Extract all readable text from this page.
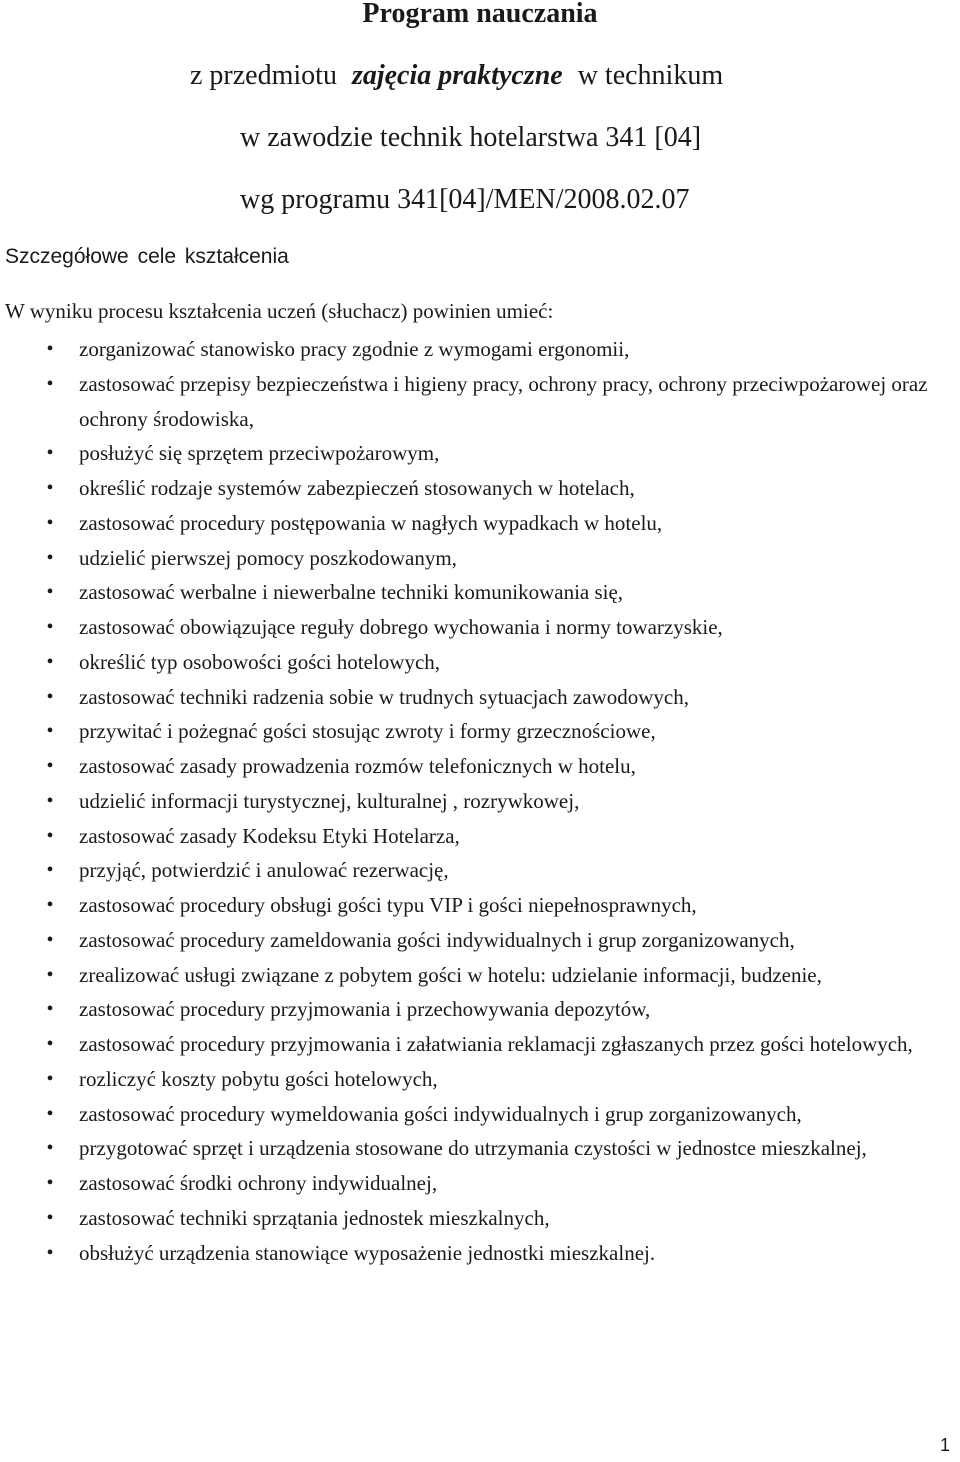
Program nauczania
z przedmiotu zajęcia praktyczne w technikum
w zawodzie technik hotelarstwa 341 [04]
wg programu 341[04]/MEN/2008.02.07
Szczegółowe cele kształcenia
W wyniku procesu kształcenia uczeń (słuchacz) powinien umieć:
•	zorganizować stanowisko pracy zgodnie z wymogami ergonomii,
•	zastosować przepisy bezpieczeństwa i higieny pracy, ochrony pracy, ochrony przeciwpożarowej oraz ochrony środowiska,
•	posłużyć się sprzętem przeciwpożarowym,
•	określić rodzaje systemów zabezpieczeń stosowanych w hotelach,
•	zastosować procedury postępowania w nagłych wypadkach w hotelu,
•	udzielić pierwszej pomocy poszkodowanym,
•	zastosować werbalne i niewerbalne techniki komunikowania się,
•	zastosować obowiązujące reguły dobrego wychowania i normy towarzyskie,
•	określić typ osobowości gości hotelowych,
•	zastosować techniki radzenia sobie w trudnych sytuacjach zawodowych,
•	przywitać i pożegnać gości stosując zwroty i formy grzecznościowe,
•	zastosować zasady prowadzenia rozmów telefonicznych w hotelu,
•	udzielić informacji turystycznej, kulturalnej , rozrywkowej,
•	zastosować zasady Kodeksu Etyki Hotelarza,
•	przyjąć, potwierdzić i anulować rezerwację,
•	zastosować procedury obsługi gości typu VIP i gości niepełnosprawnych,
•	zastosować procedury zameldowania gości indywidualnych i grup zorganizowanych,
•	zrealizować usługi związane z pobytem gości w hotelu: udzielanie informacji, budzenie,
•	zastosować procedury przyjmowania i przechowywania depozytów,
•	zastosować procedury przyjmowania i załatwiania reklamacji zgłaszanych przez gości hotelowych,
•	rozliczyć koszty pobytu gości hotelowych,
•	zastosować procedury wymeldowania gości indywidualnych i grup zorganizowanych,
•	przygotować sprzęt i urządzenia stosowane do utrzymania czystości w jednostce mieszkalnej,
•	zastosować środki ochrony indywidualnej,
•	zastosować techniki sprzątania jednostek mieszkalnych,
•	obsłużyć urządzenia stanowiące wyposażenie jednostki mieszkalnej.
1
